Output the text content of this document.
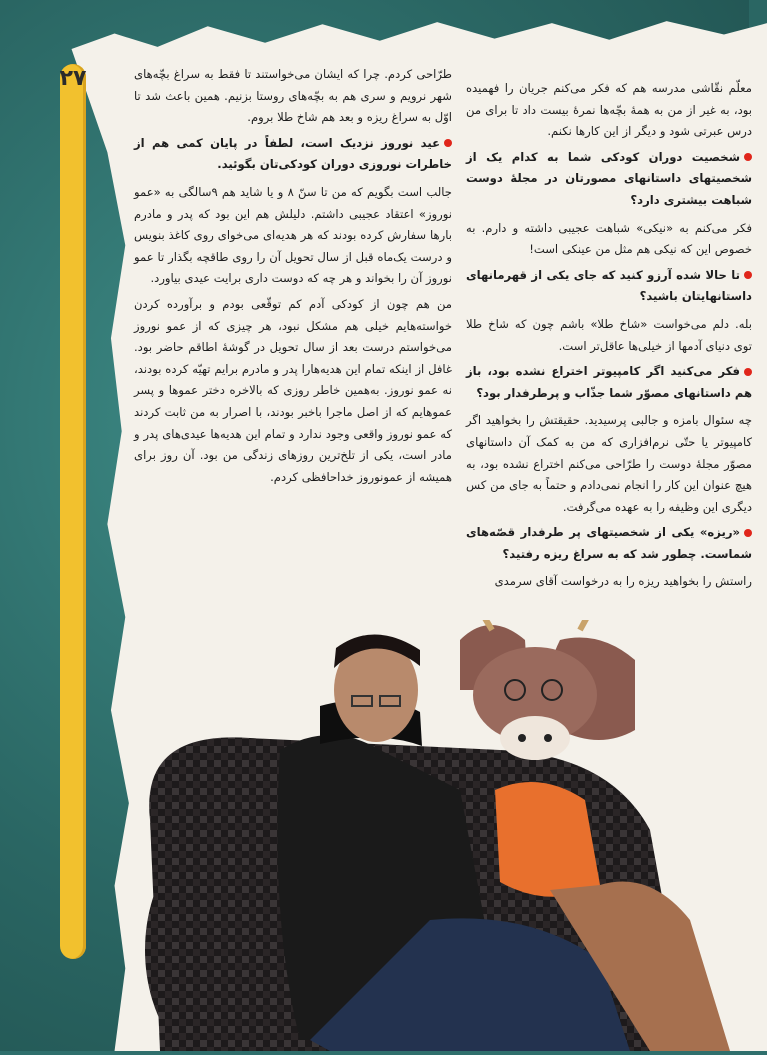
۲۷	معلّم نقّاشی مدرسه هم که فکر می‌کنم جریان را فهمیده بود، به غیر از من به همهٔ بچّه‌ها نمرهٔ بیست داد تا برای من درس عبرتی شود و دیگر از این کارها نکنم.

شخصیت دوران کودکی شما به کدام یک از شخصیتهای داستانهای مصورتان در مجلهٔ دوست شباهت بیشتری دارد؟

فکر می‌کنم به «نیکی» شباهت عجیبی داشته و دارم. به خصوص این که نیکی هم مثل من عینکی است!

تا حالا شده آرزو کنید که جای یکی از قهرمانهای داستانهایتان باشید؟

بله. دلم می‌خواست «شاخ طلا» باشم چون که شاخ طلا توی دنیای آدمها از خیلی‌ها عاقل‌تر است.

فکر می‌کنید اگر کامپیوتر اختراع نشده بود، باز هم داستانهای مصوّر شما جذّاب و پرطرفدار بود؟

چه سئوال بامزه و جالبی پرسیدید. حقیقتش را بخواهید اگر کامپیوتر یا حتّی نرم‌افزاری که من به کمک آن داستانهای مصوّر مجلهٔ دوست را طرّاحی می‌کنم اختراع نشده بود، به هیچ عنوان این کار را انجام نمی‌دادم و حتماً به جای من کس دیگری این وظیفه را به عهده می‌گرفت.

«ریزه» یکی از شخصیتهای پر طرفدار قصّه‌های شماست. چطور شد که به سراغ ریزه رفتید؟

راستش را بخواهید ریزه را به درخواست آقای سرمدی

طرّاحی کردم. چرا که ایشان می‌خواستند تا فقط به سراغ بچّه‌های شهر نرویم و سری هم به بچّه‌های روستا بزنیم. همین باعث شد تا اوّل به سراغ ریزه و بعد هم شاخ طلا بروم.

عید نوروز نزدیک است، لطفاً در پایان کمی هم از خاطرات نوروزی دوران کودکی‌تان بگوئید.

جالب است بگویم که من تا سنّ ۸ و یا شاید هم ۹سالگی به «عمو نوروز» اعتقاد عجیبی داشتم. دلیلش هم این بود که پدر و مادرم بارها سفارش کرده بودند که هر هدیه‌ای می‌خوای روی کاغذ بنویس و درست یک‌ماه قبل از سال تحویل آن را روی طاقچه بگذار تا عمو نوروز آن را بخواند و هر چه که دوست داری برایت عیدی بیاورد.

من هم چون از کودکی آدم کم توقّعی بودم و برآورده کردن خواسته‌هایم خیلی هم مشکل نبود، هر چیزی که از عمو نوروز می‌خواستم درست بعد از سال تحویل در گوشهٔ اطاقم حاضر بود. غافل از اینکه تمام این هدیه‌هارا پدر و مادرم برایم تهیّه کرده بودند، نه عمو نوروز. به‌همین خاطر روزی که بالاخره دختر عموها و پسر عموهایم که از اصل ماجرا باخبر بودند، با اصرار به من ثابت کردند که عمو نوروز واقعی وجود ندارد و تمام این هدیه‌ها عیدی‌های پدر و مادر است، یکی از تلخ‌ترین روزهای زندگی من بود. آن روز برای همیشه از عمونوروز خداحافظی کردم.
